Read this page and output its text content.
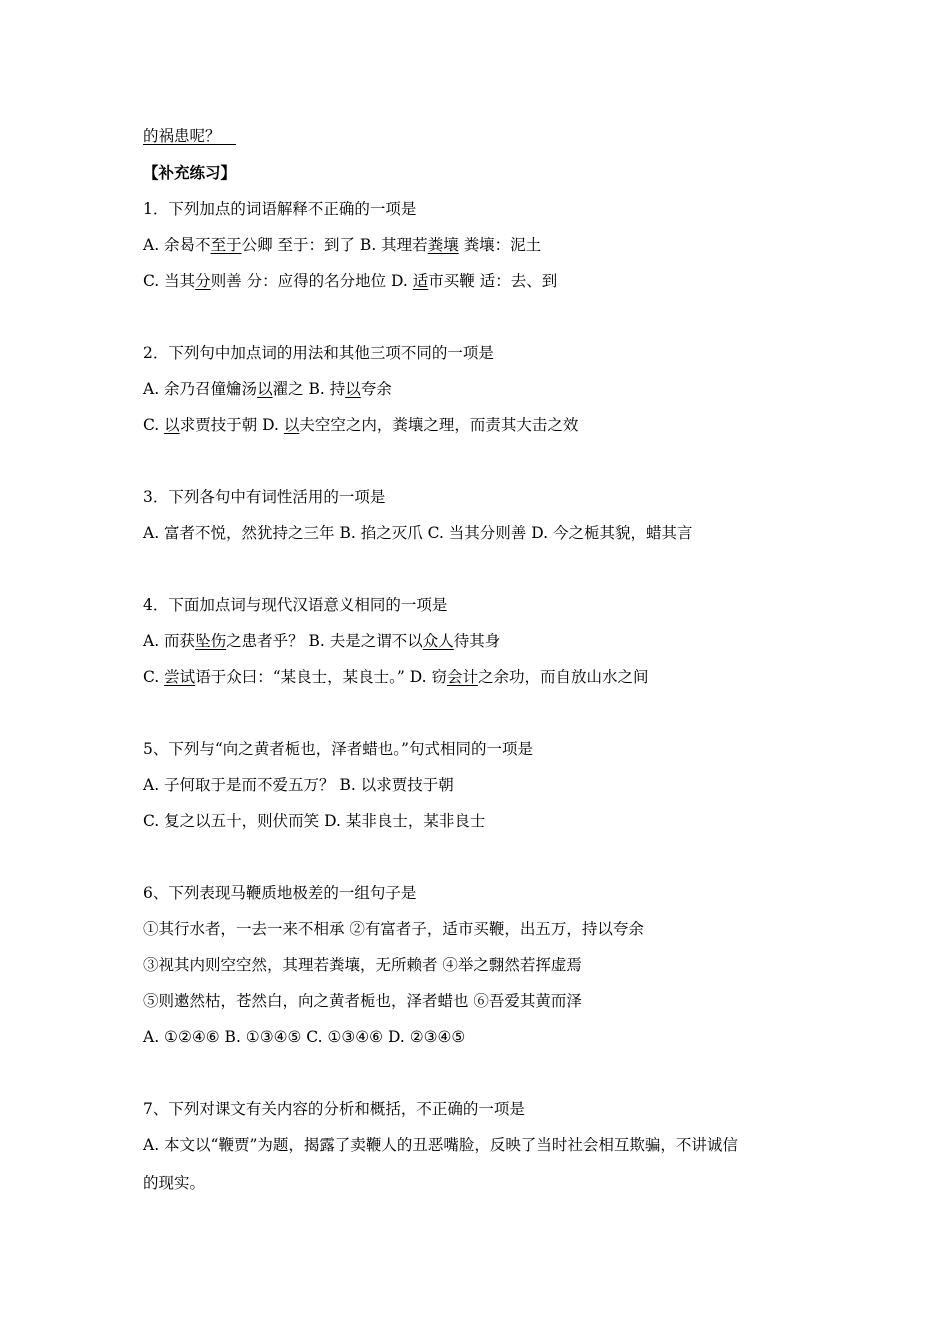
的祸患呢？　

【补充练习】

1．下列加点的词语解释不正确的一项是

A. 余曷不至于公卿 至于：到了 B. 其理若粪壤 粪壤：泥土

C. 当其分则善 分：应得的名分地位 D. 适市买鞭 适：去、到

2．下列句中加点词的用法和其他三项不同的一项是

A. 余乃召僮爚汤以濯之 B. 持以夸余

C. 以求贾技于朝 D. 以夫空空之内，粪壤之理，而责其大击之效

3．下列各句中有词性活用的一项是

A. 富者不悦，然犹持之三年 B. 掐之灭爪 C. 当其分则善 D. 今之栀其貌，蜡其言

4．下面加点词与现代汉语意义相同的一项是

A. 而获坠伤之患者乎？ B. 夫是之谓不以众人待其身

C. 尝试语于众曰：“某良士，某良士。” D. 窃会计之余功，而自放山水之间

5、下列与“向之黄者栀也，泽者蜡也。”句式相同的一项是

A. 子何取于是而不爱五万？ B. 以求贾技于朝

C. 复之以五十，则伏而笑 D. 某非良士，某非良士

6、下列表现马鞭质地极差的一组句子是

①其行水者，一去一来不相承 ②有富者子，适市买鞭，出五万，持以夸余

③视其内则空空然，其理若粪壤，无所赖者 ④举之翲然若挥虚焉

⑤则遫然枯，苍然白，向之黄者栀也，泽者蜡也 ⑥吾爱其黄而泽

A. ①②④⑥ B. ①③④⑤ C. ①③④⑥ D. ②③④⑤

7、下列对课文有关内容的分析和概括，不正确的一项是

A. 本文以“鞭贾”为题，揭露了卖鞭人的丑恶嘴脸，反映了当时社会相互欺骗，不讲诚信

的现实。
